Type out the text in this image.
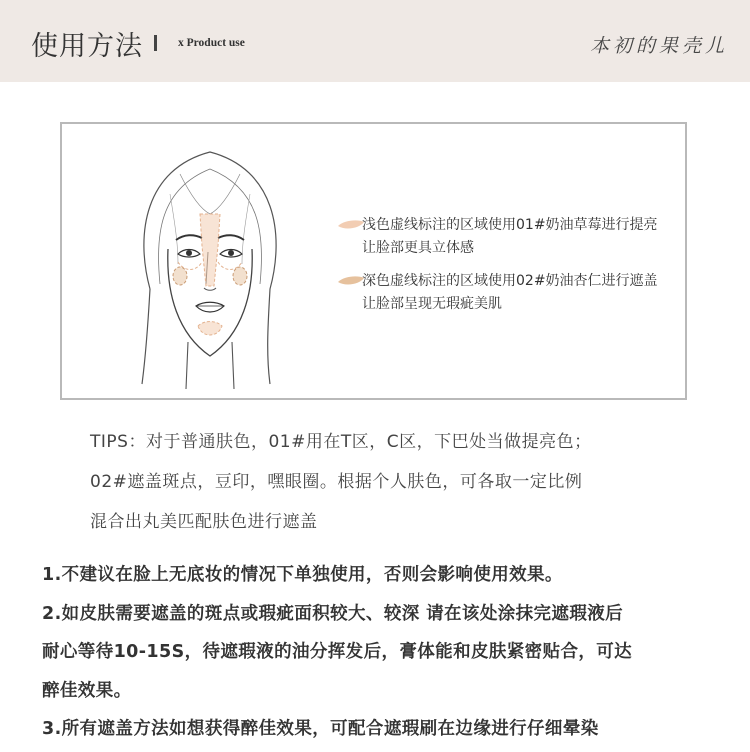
使用方法	x Product use	本初的果壳儿
浅色虚线标注的区域使用01#奶油草莓进行提亮
让脸部更具立体感
深色虚线标注的区域使用02#奶油杏仁进行遮盖
让脸部呈现无瑕疵美肌
TIPS：对于普通肤色，01#用在T区，C区，下巴处当做提亮色；
02#遮盖斑点，豆印，嘿眼圈。根据个人肤色，可各取一定比例
混合出丸美匹配肤色进行遮盖
1.不建议在脸上无底妆的情况下单独使用，否则会影响使用效果。
2.如皮肤需要遮盖的斑点或瑕疵面积较大、较深 请在该处涂抹完遮瑕液后
耐心等待10-15S，待遮瑕液的油分挥发后，膏体能和皮肤紧密贴合，可达
醉佳效果。
3.所有遮盖方法如想获得醉佳效果，可配合遮瑕刷在边缘进行仔细晕染
